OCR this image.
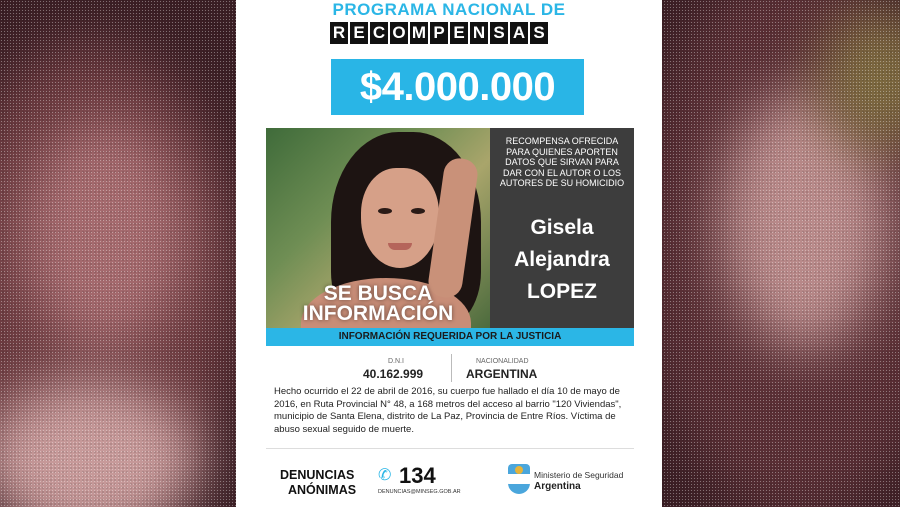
PROGRAMA NACIONAL DE
R E C O M P E N S A S
$4.000.000
SE BUSCA
INFORMACIÓN
RECOMPENSA OFRECIDA PARA QUIENES APORTEN DATOS QUE SIRVAN PARA DAR CON EL AUTOR O LOS AUTORES DE SU HOMICIDIO
Gisela
Alejandra
LOPEZ
INFORMACIÓN REQUERIDA POR LA JUSTICIA
D.N.I
40.162.999
NACIONALIDAD
ARGENTINA
Hecho ocurrido el 22 de abril de 2016, su cuerpo fue hallado el día 10 de mayo de 2016, en Ruta Provincial N° 48, a 168 metros del acceso al barrio "120 Viviendas", municipio de Santa Elena, distrito de La Paz, Provincia de Entre Ríos. Víctima de abuso sexual seguido de muerte.
DENUNCIAS
ANÓNIMAS
✆ 134
DENUNCIAS@MINSEG.GOB.AR
Ministerio de Seguridad
Argentina
